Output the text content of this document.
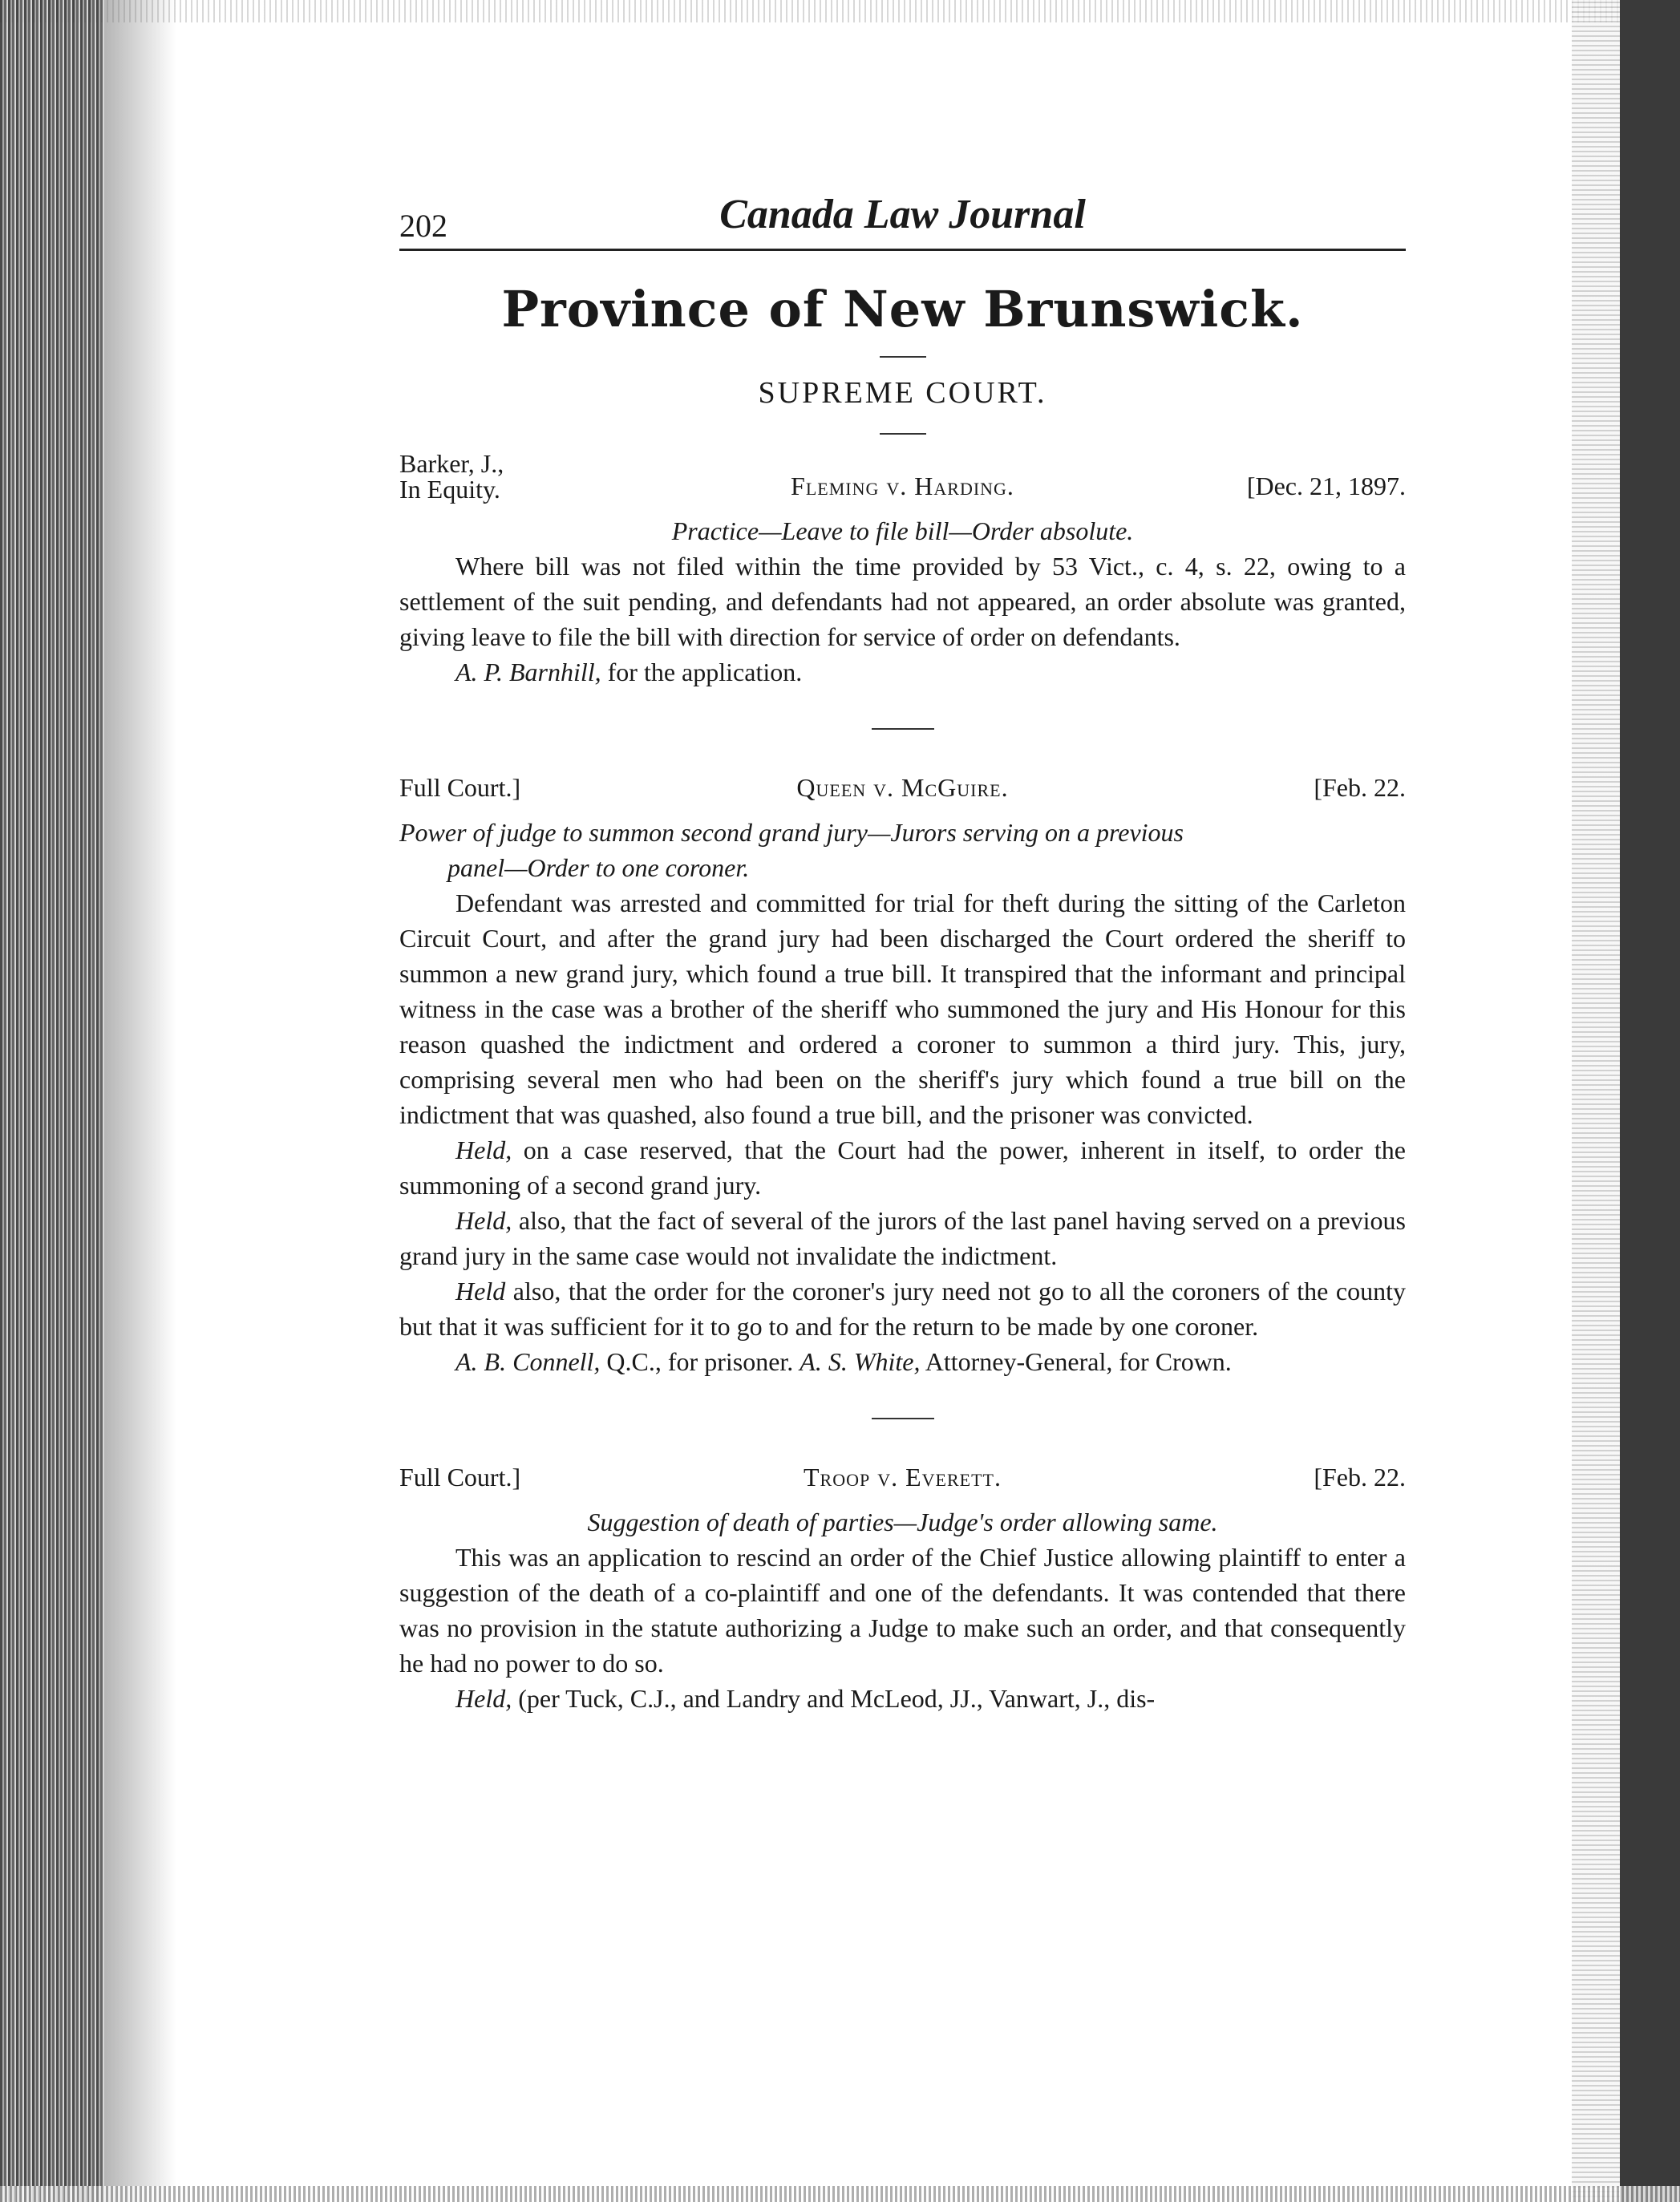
202	Canada Law Journal
Province of New Brunswick.
SUPREME COURT.
Barker, J.,
In Equity.	Fleming v. Harding.	[Dec. 21, 1897.
Practice—Leave to file bill—Order absolute.

Where bill was not filed within the time provided by 53 Vict., c. 4, s. 22, owing to a settlement of the suit pending, and defendants had not appeared, an order absolute was granted, giving leave to file the bill with direction for service of order on defendants.

A. P. Barnhill, for the application.

Full Court.]	Queen v. McGuire.	[Feb. 22.
Power of judge to summon second grand jury—Jurors serving on a previous
panel—Order to one coroner.

Defendant was arrested and committed for trial for theft during the sitting of the Carleton Circuit Court, and after the grand jury had been discharged the Court ordered the sheriff to summon a new grand jury, which found a true bill. It transpired that the informant and principal witness in the case was a brother of the sheriff who summoned the jury and His Honour for this reason quashed the indictment and ordered a coroner to summon a third jury. This, jury, comprising several men who had been on the sheriff's jury which found a true bill on the indictment that was quashed, also found a true bill, and the prisoner was convicted.

Held, on a case reserved, that the Court had the power, inherent in itself, to order the summoning of a second grand jury.

Held, also, that the fact of several of the jurors of the last panel having served on a previous grand jury in the same case would not invalidate the indictment.

Held also, that the order for the coroner's jury need not go to all the coroners of the county but that it was sufficient for it to go to and for the return to be made by one coroner.

A. B. Connell, Q.C., for prisoner. A. S. White, Attorney-General, for Crown.

Full Court.]	Troop v. Everett.	[Feb. 22.
Suggestion of death of parties—Judge's order allowing same.

This was an application to rescind an order of the Chief Justice allowing plaintiff to enter a suggestion of the death of a co-plaintiff and one of the defendants. It was contended that there was no provision in the statute authorizing a Judge to make such an order, and that consequently he had no power to do so.

Held, (per Tuck, C.J., and Landry and McLeod, JJ., Vanwart, J., dis-
